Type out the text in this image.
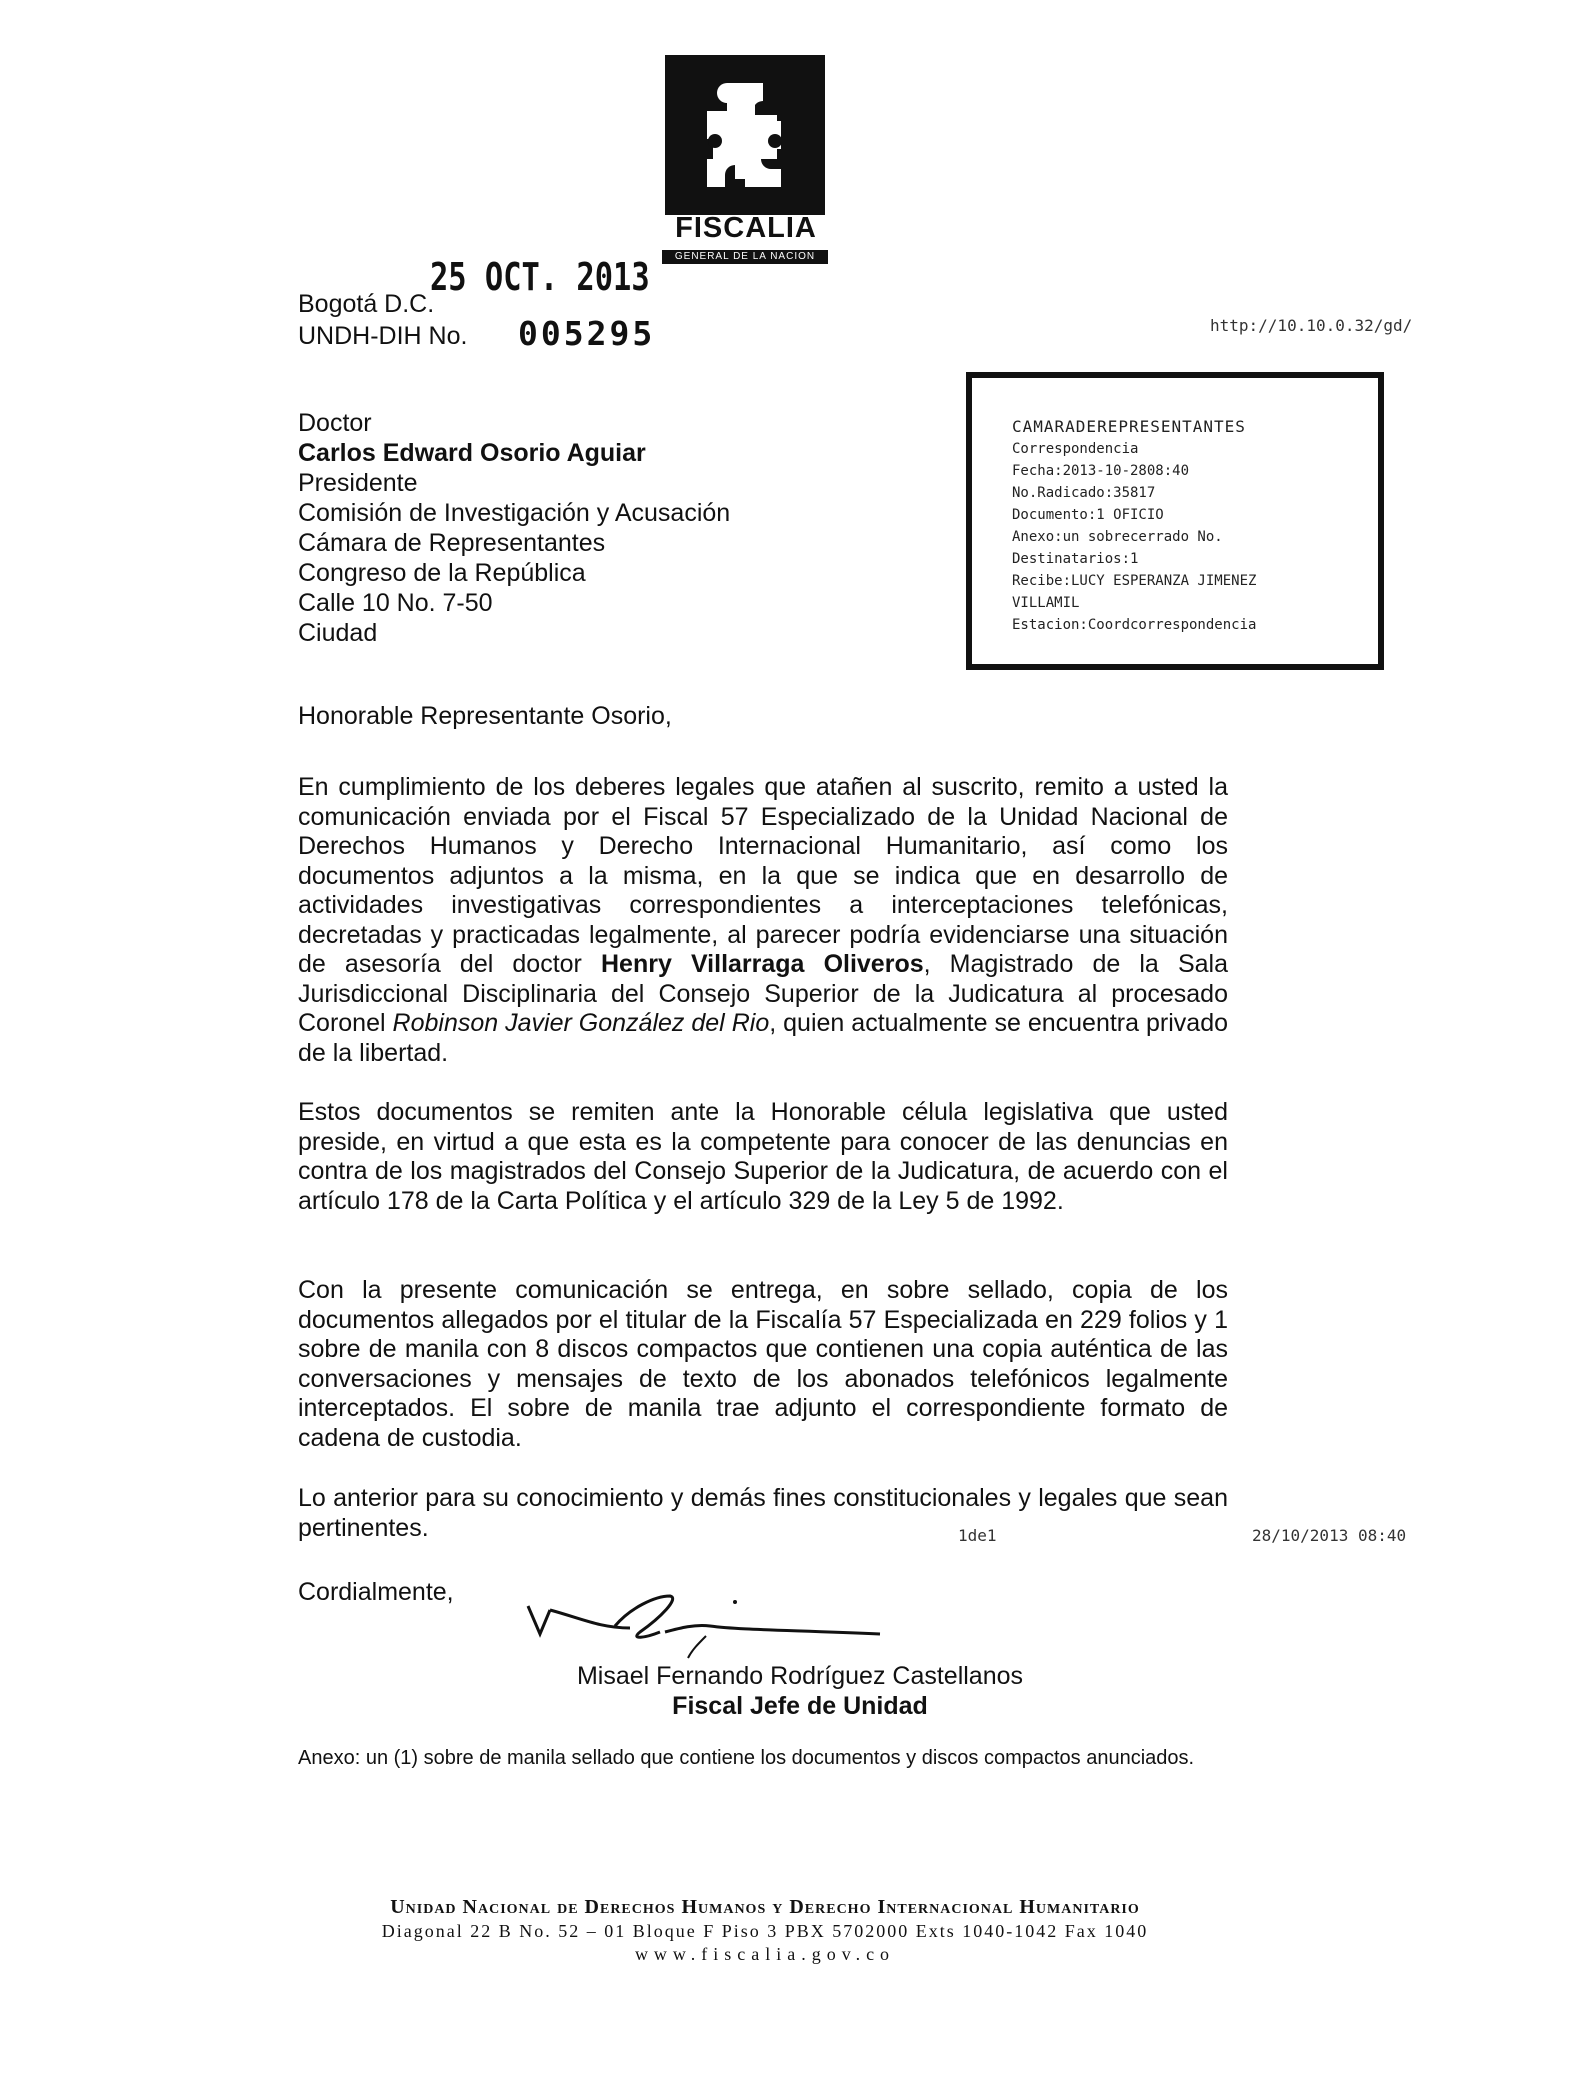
FISCALIA
GENERAL DE LA NACION
Bogotá D.C.
25 OCT. 2013
UNDH-DIH No. 005295	http://10.10.0.32/gd/
CAMARADEREPRESENTANTES
Correspondencia
Fecha:2013-10-2808:40
No.Radicado:35817
Documento:1 OFICIO
Anexo:un sobrecerrado No.
Destinatarios:1
Recibe:LUCY ESPERANZA JIMENEZ
VILLAMIL
Estacion:Coordcorrespondencia
Doctor
Carlos Edward Osorio Aguiar
Presidente
Comisión de Investigación y Acusación
Cámara de Representantes
Congreso de la República
Calle 10 No. 7-50
Ciudad
Honorable Representante Osorio,
En cumplimiento de los deberes legales que atañen al suscrito, remito a usted la comunicación enviada por el Fiscal 57 Especializado de la Unidad Nacional de Derechos Humanos y Derecho Internacional Humanitario, así como los documentos adjuntos a la misma, en la que se indica que en desarrollo de actividades investigativas correspondientes a interceptaciones telefónicas, decretadas y practicadas legalmente, al parecer podría evidenciarse una situación de asesoría del doctor Henry Villarraga Oliveros, Magistrado de la Sala Jurisdiccional Disciplinaria del Consejo Superior de la Judicatura al procesado Coronel Robinson Javier González del Rio, quien actualmente se encuentra privado de la libertad.
Estos documentos se remiten ante la Honorable célula legislativa que usted preside, en virtud a que esta es la competente para conocer de las denuncias en contra de los magistrados del Consejo Superior de la Judicatura, de acuerdo con el artículo 178 de la Carta Política y el artículo 329 de la Ley 5 de 1992.
Con la presente comunicación se entrega, en sobre sellado, copia de los documentos allegados por el titular de la Fiscalía 57 Especializada en 229 folios y 1 sobre de manila con 8 discos compactos que contienen una copia auténtica de las conversaciones y mensajes de texto de los abonados telefónicos legalmente interceptados. El sobre de manila trae adjunto el correspondiente formato de cadena de custodia.
Lo anterior para su conocimiento y demás fines constitucionales y legales que sean pertinentes.	1de1	28/10/2013 08:40
Cordialmente,
Misael Fernando Rodríguez Castellanos
Fiscal Jefe de Unidad
Anexo: un (1) sobre de manila sellado que contiene los documentos y discos compactos anunciados.
Unidad Nacional de Derechos Humanos y Derecho Internacional Humanitario
Diagonal 22 B No. 52 – 01 Bloque F Piso 3 PBX 5702000 Exts 1040-1042 Fax 1040
www.fiscalia.gov.co
